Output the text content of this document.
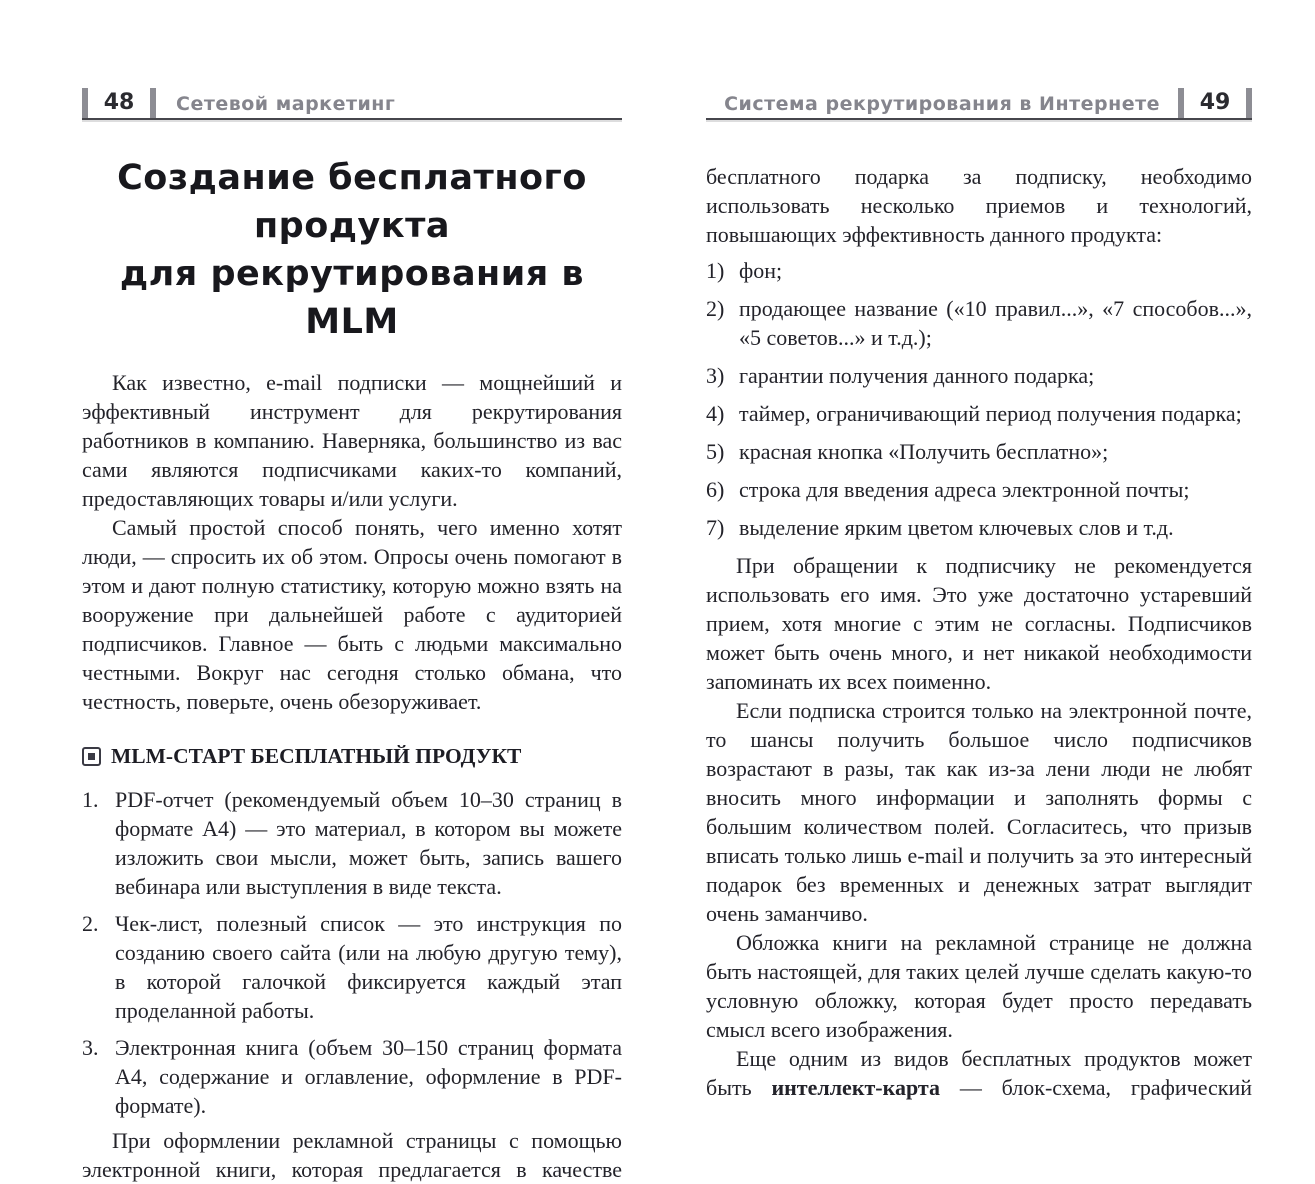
48	Сетевой маркетинг
Создание бесплатного
продукта
для рекрутирования в MLM

Как известно, e-mail подписки — мощнейший и эффективный инструмент для рекрутирования работников в компанию. Наверняка, большинство из вас сами являются подписчиками каких-то компаний, предоставляющих товары и/или услуги.

Самый простой способ понять, чего именно хотят люди, — спросить их об этом. Опросы очень помогают в этом и дают полную статистику, которую можно взять на вооружение при дальнейшей работе с аудиторией подписчиков. Главное — быть с людьми максимально честными. Вокруг нас сегодня столько обмана, что честность, поверьте, очень обезоруживает.

MLM-СТАРТ БЕСПЛАТНЫЙ ПРОДУКТ
1. PDF-отчет (рекомендуемый объем 10–30 страниц в формате А4) — это материал, в котором вы можете изложить свои мысли, может быть, запись вашего вебинара или выступления в виде текста.
2. Чек-лист, полезный список — это инструкция по созданию своего сайта (или на любую другую тему), в которой галочкой фиксируется каждый этап проделанной работы.
3. Электронная книга (объем 30–150 страниц формата А4, содержание и оглавление, оформление в PDF-формате).

При оформлении рекламной страницы с помощью электронной книги, которая предлагается в качестве

Система рекрутирования в Интернете	49

бесплатного подарка за подписку, необходимо использовать несколько приемов и технологий, повышающих эффективность данного продукта:

1) фон;
2) продающее название («10 правил...», «7 способов...», «5 советов...» и т.д.);
3) гарантии получения данного подарка;
4) таймер, ограничивающий период получения подарка;
5) красная кнопка «Получить бесплатно»;
6) строка для введения адреса электронной почты;
7) выделение ярким цветом ключевых слов и т.д.

При обращении к подписчику не рекомендуется использовать его имя. Это уже достаточно устаревший прием, хотя многие с этим не согласны. Подписчиков может быть очень много, и нет никакой необходимости запоминать их всех поименно.

Если подписка строится только на электронной почте, то шансы получить большое число подписчиков возрастают в разы, так как из-за лени люди не любят вносить много информации и заполнять формы с большим количеством полей. Согласитесь, что призыв вписать только лишь e-mail и получить за это интересный подарок без временных и денежных затрат выглядит очень заманчиво.

Обложка книги на рекламной странице не должна быть настоящей, для таких целей лучше сделать какую-то условную обложку, которая будет просто передавать смысл всего изображения.

Еще одним из видов бесплатных продуктов может быть интеллект-карта — блок-схема, графический
